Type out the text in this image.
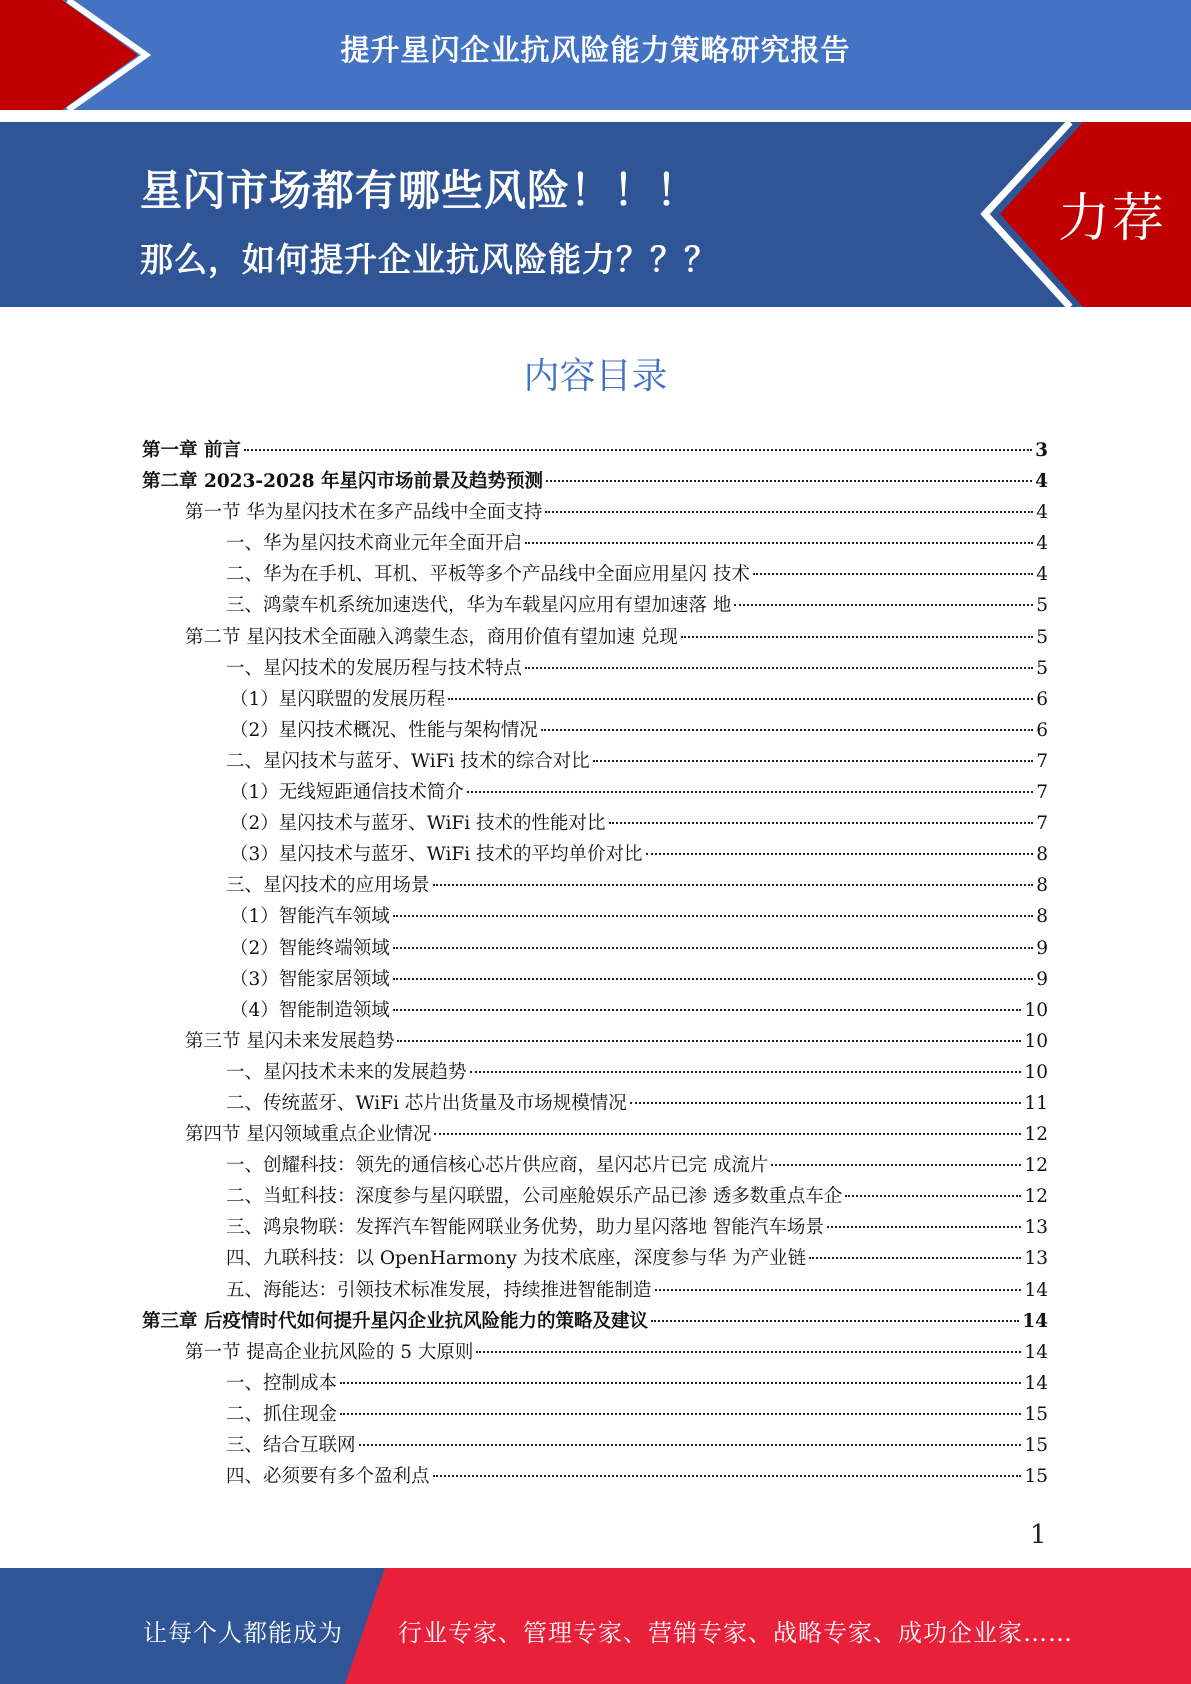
提升星闪企业抗风险能力策略研究报告
星闪市场都有哪些风险！！！
那么，如何提升企业抗风险能力？？？
力荐
内容目录
第一章 前言	3
第二章 2023-2028 年星闪市场前景及趋势预测	4
第一节 华为星闪技术在多产品线中全面支持	4
一、华为星闪技术商业元年全面开启	4
二、华为在手机、耳机、平板等多个产品线中全面应用星闪 技术	4
三、鸿蒙车机系统加速迭代，华为车载星闪应用有望加速落 地	5
第二节 星闪技术全面融入鸿蒙生态，商用价值有望加速 兑现	5
一、星闪技术的发展历程与技术特点	5
（1）星闪联盟的发展历程	6
（2）星闪技术概况、性能与架构情况	6
二、星闪技术与蓝牙、WiFi 技术的综合对比	7
（1）无线短距通信技术简介	7
（2）星闪技术与蓝牙、WiFi 技术的性能对比	7
（3）星闪技术与蓝牙、WiFi 技术的平均单价对比	8
三、星闪技术的应用场景	8
（1）智能汽车领域	8
（2）智能终端领域	9
（3）智能家居领域	9
（4）智能制造领域	10
第三节 星闪未来发展趋势	10
一、星闪技术未来的发展趋势	10
二、传统蓝牙、WiFi 芯片出货量及市场规模情况	11
第四节 星闪领域重点企业情况	12
一、创耀科技：领先的通信核心芯片供应商，星闪芯片已完 成流片	12
二、当虹科技：深度参与星闪联盟，公司座舱娱乐产品已渗 透多数重点车企	12
三、鸿泉物联：发挥汽车智能网联业务优势，助力星闪落地 智能汽车场景	13
四、九联科技：以 OpenHarmony 为技术底座，深度参与华 为产业链	13
五、海能达：引领技术标准发展，持续推进智能制造	14
第三章 后疫情时代如何提升星闪企业抗风险能力的策略及建议	14
第一节 提高企业抗风险的 5 大原则	14
一、控制成本	14
二、抓住现金	15
三、结合互联网	15
四、必须要有多个盈利点	15
1
让每个人都能成为 行业专家、管理专家、营销专家、战略专家、成功企业家……
